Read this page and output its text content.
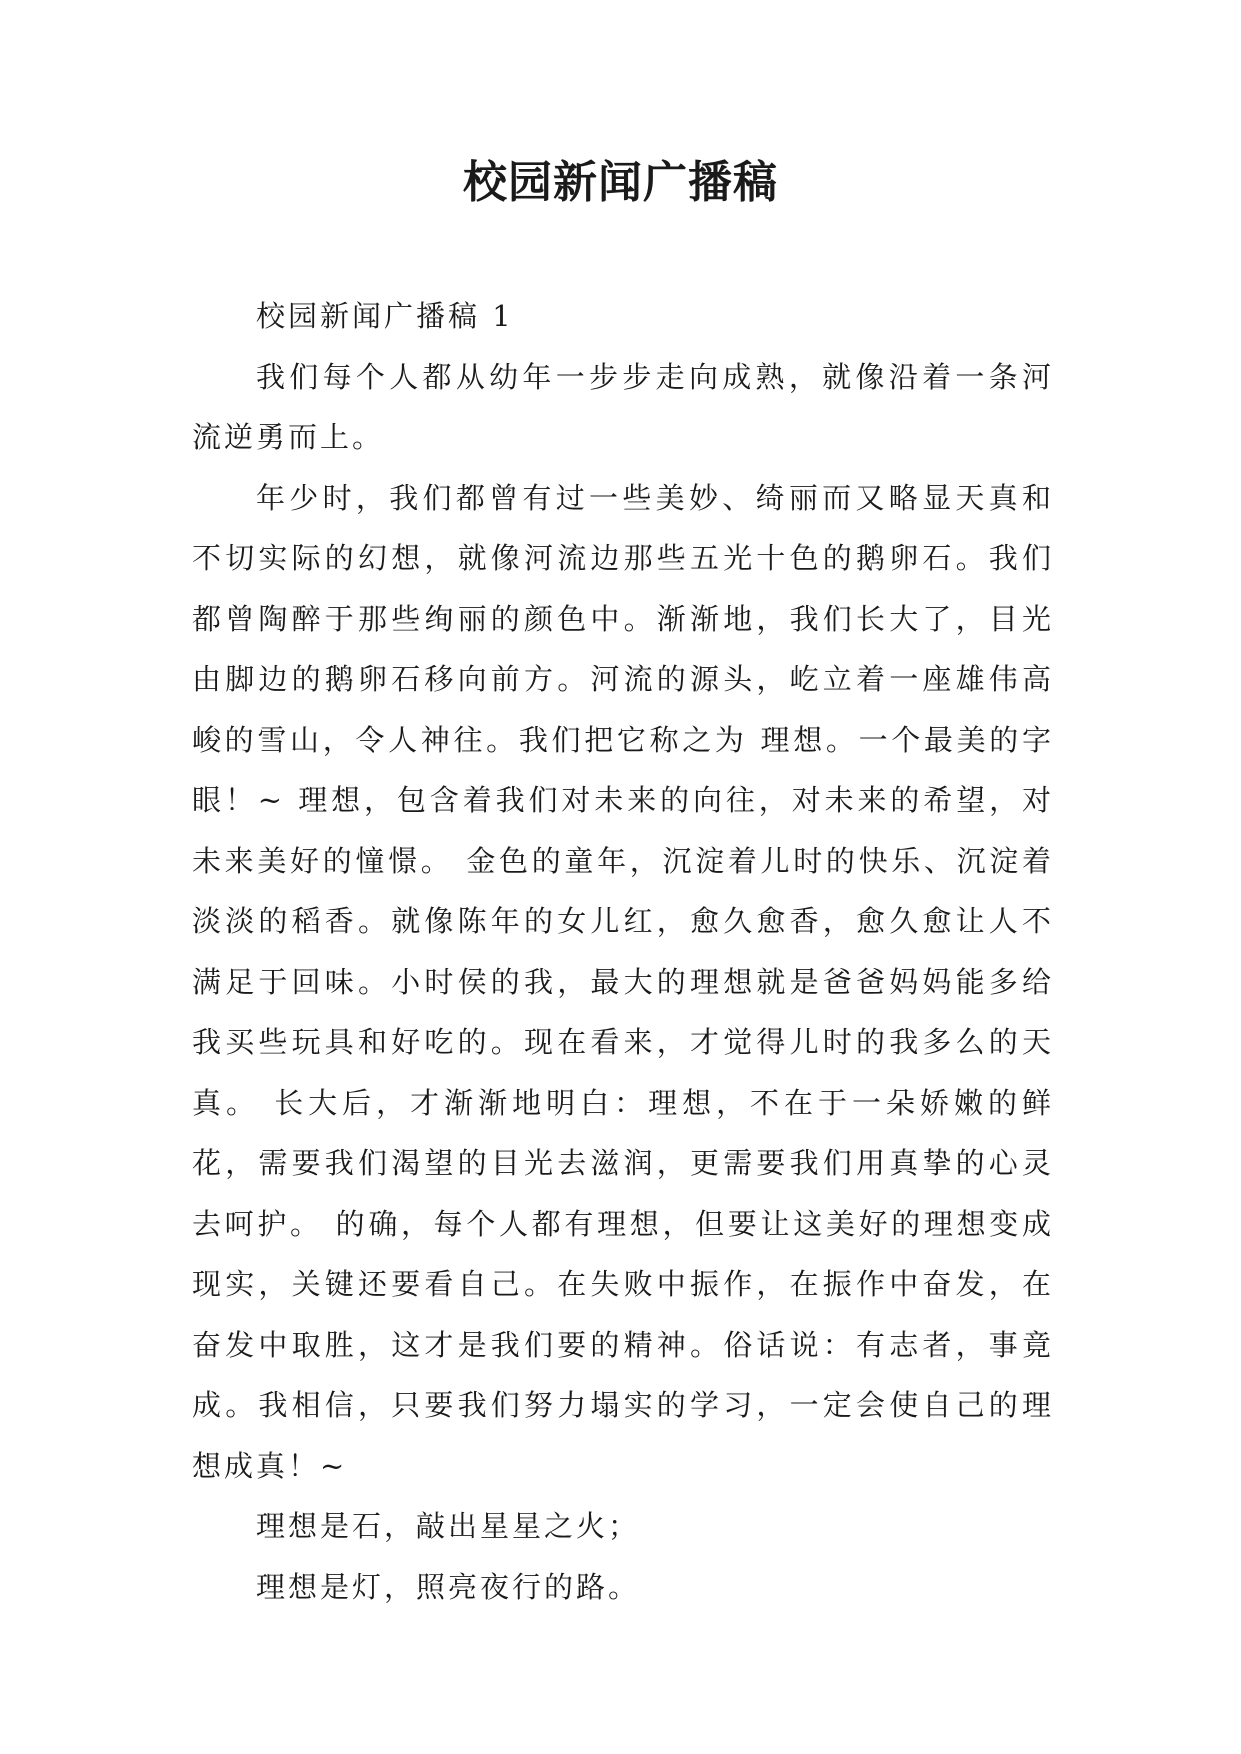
校园新闻广播稿

校园新闻广播稿 1

我们每个人都从幼年一步步走向成熟，就像沿着一条河流逆勇而上。

年少时，我们都曾有过一些美妙、绮丽而又略显天真和不切实际的幻想，就像河流边那些五光十色的鹅卵石。我们都曾陶醉于那些绚丽的颜色中。渐渐地，我们长大了，目光由脚边的鹅卵石移向前方。河流的源头，屹立着一座雄伟高峻的雪山，令人神往。我们把它称之为 理想。一个最美的字眼！~ 理想，包含着我们对未来的向往，对未来的希望，对未来美好的憧憬。 金色的童年，沉淀着儿时的快乐、沉淀着淡淡的稻香。就像陈年的女儿红，愈久愈香，愈久愈让人不满足于回味。小时侯的我，最大的理想就是爸爸妈妈能多给我买些玩具和好吃的。现在看来，才觉得儿时的我多么的天真。 长大后，才渐渐地明白：理想，不在于一朵娇嫩的鲜花，需要我们渴望的目光去滋润，更需要我们用真挚的心灵去呵护。 的确，每个人都有理想，但要让这美好的理想变成现实，关键还要看自己。在失败中振作，在振作中奋发，在奋发中取胜，这才是我们要的精神。俗话说：有志者，事竟成。我相信，只要我们努力塌实的学习，一定会使自己的理想成真！~

理想是石，敲出星星之火；

理想是灯，照亮夜行的路。
